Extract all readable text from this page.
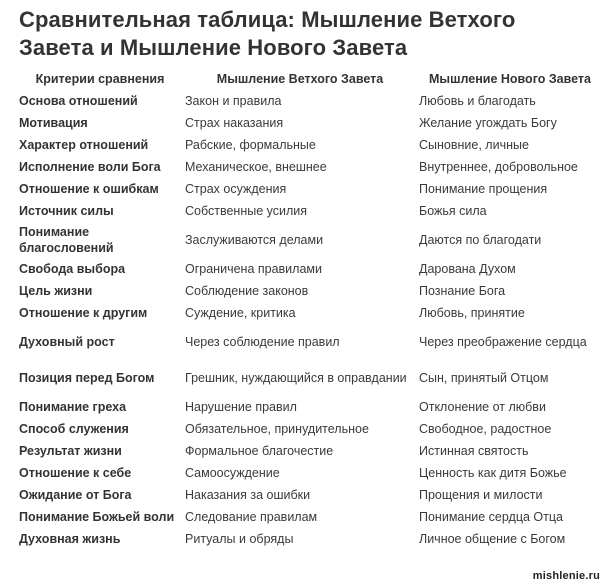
Сравнительная таблица: Мышление Ветхого Завета и Мышление Нового Завета
Критерии сравнения	Мышление Ветхого Завета	Мышление Нового Завета
Основа отношений	Закон и правила	Любовь и благодать
Мотивация	Страх наказания	Желание угождать Богу
Характер отношений	Рабские, формальные	Сыновние, личные
Исполнение воли Бога	Механическое, внешнее	Внутреннее, добровольное
Отношение к ошибкам	Страх осуждения	Понимание прощения
Источник силы	Собственные усилия	Божья сила
Понимание благословений	Заслуживаются делами	Даются по благодати
Свобода выбора	Ограничена правилами	Дарована Духом
Цель жизни	Соблюдение законов	Познание Бога
Отношение к другим	Суждение, критика	Любовь, принятие
Духовный рост	Через соблюдение правил	Через преображение сердца
Позиция перед Богом	Грешник, нуждающийся в оправдании	Сын, принятый Отцом
Понимание греха	Нарушение правил	Отклонение от любви
Способ служения	Обязательное, принудительное	Свободное, радостное
Результат жизни	Формальное благочестие	Истинная святость
Отношение к себе	Самоосуждение	Ценность как дитя Божье
Ожидание от Бога	Наказания за ошибки	Прощения и милости
Понимание Божьей воли	Следование правилам	Понимание сердца Отца
Духовная жизнь	Ритуалы и обряды	Личное общение с Богом
mishlenie.ru
